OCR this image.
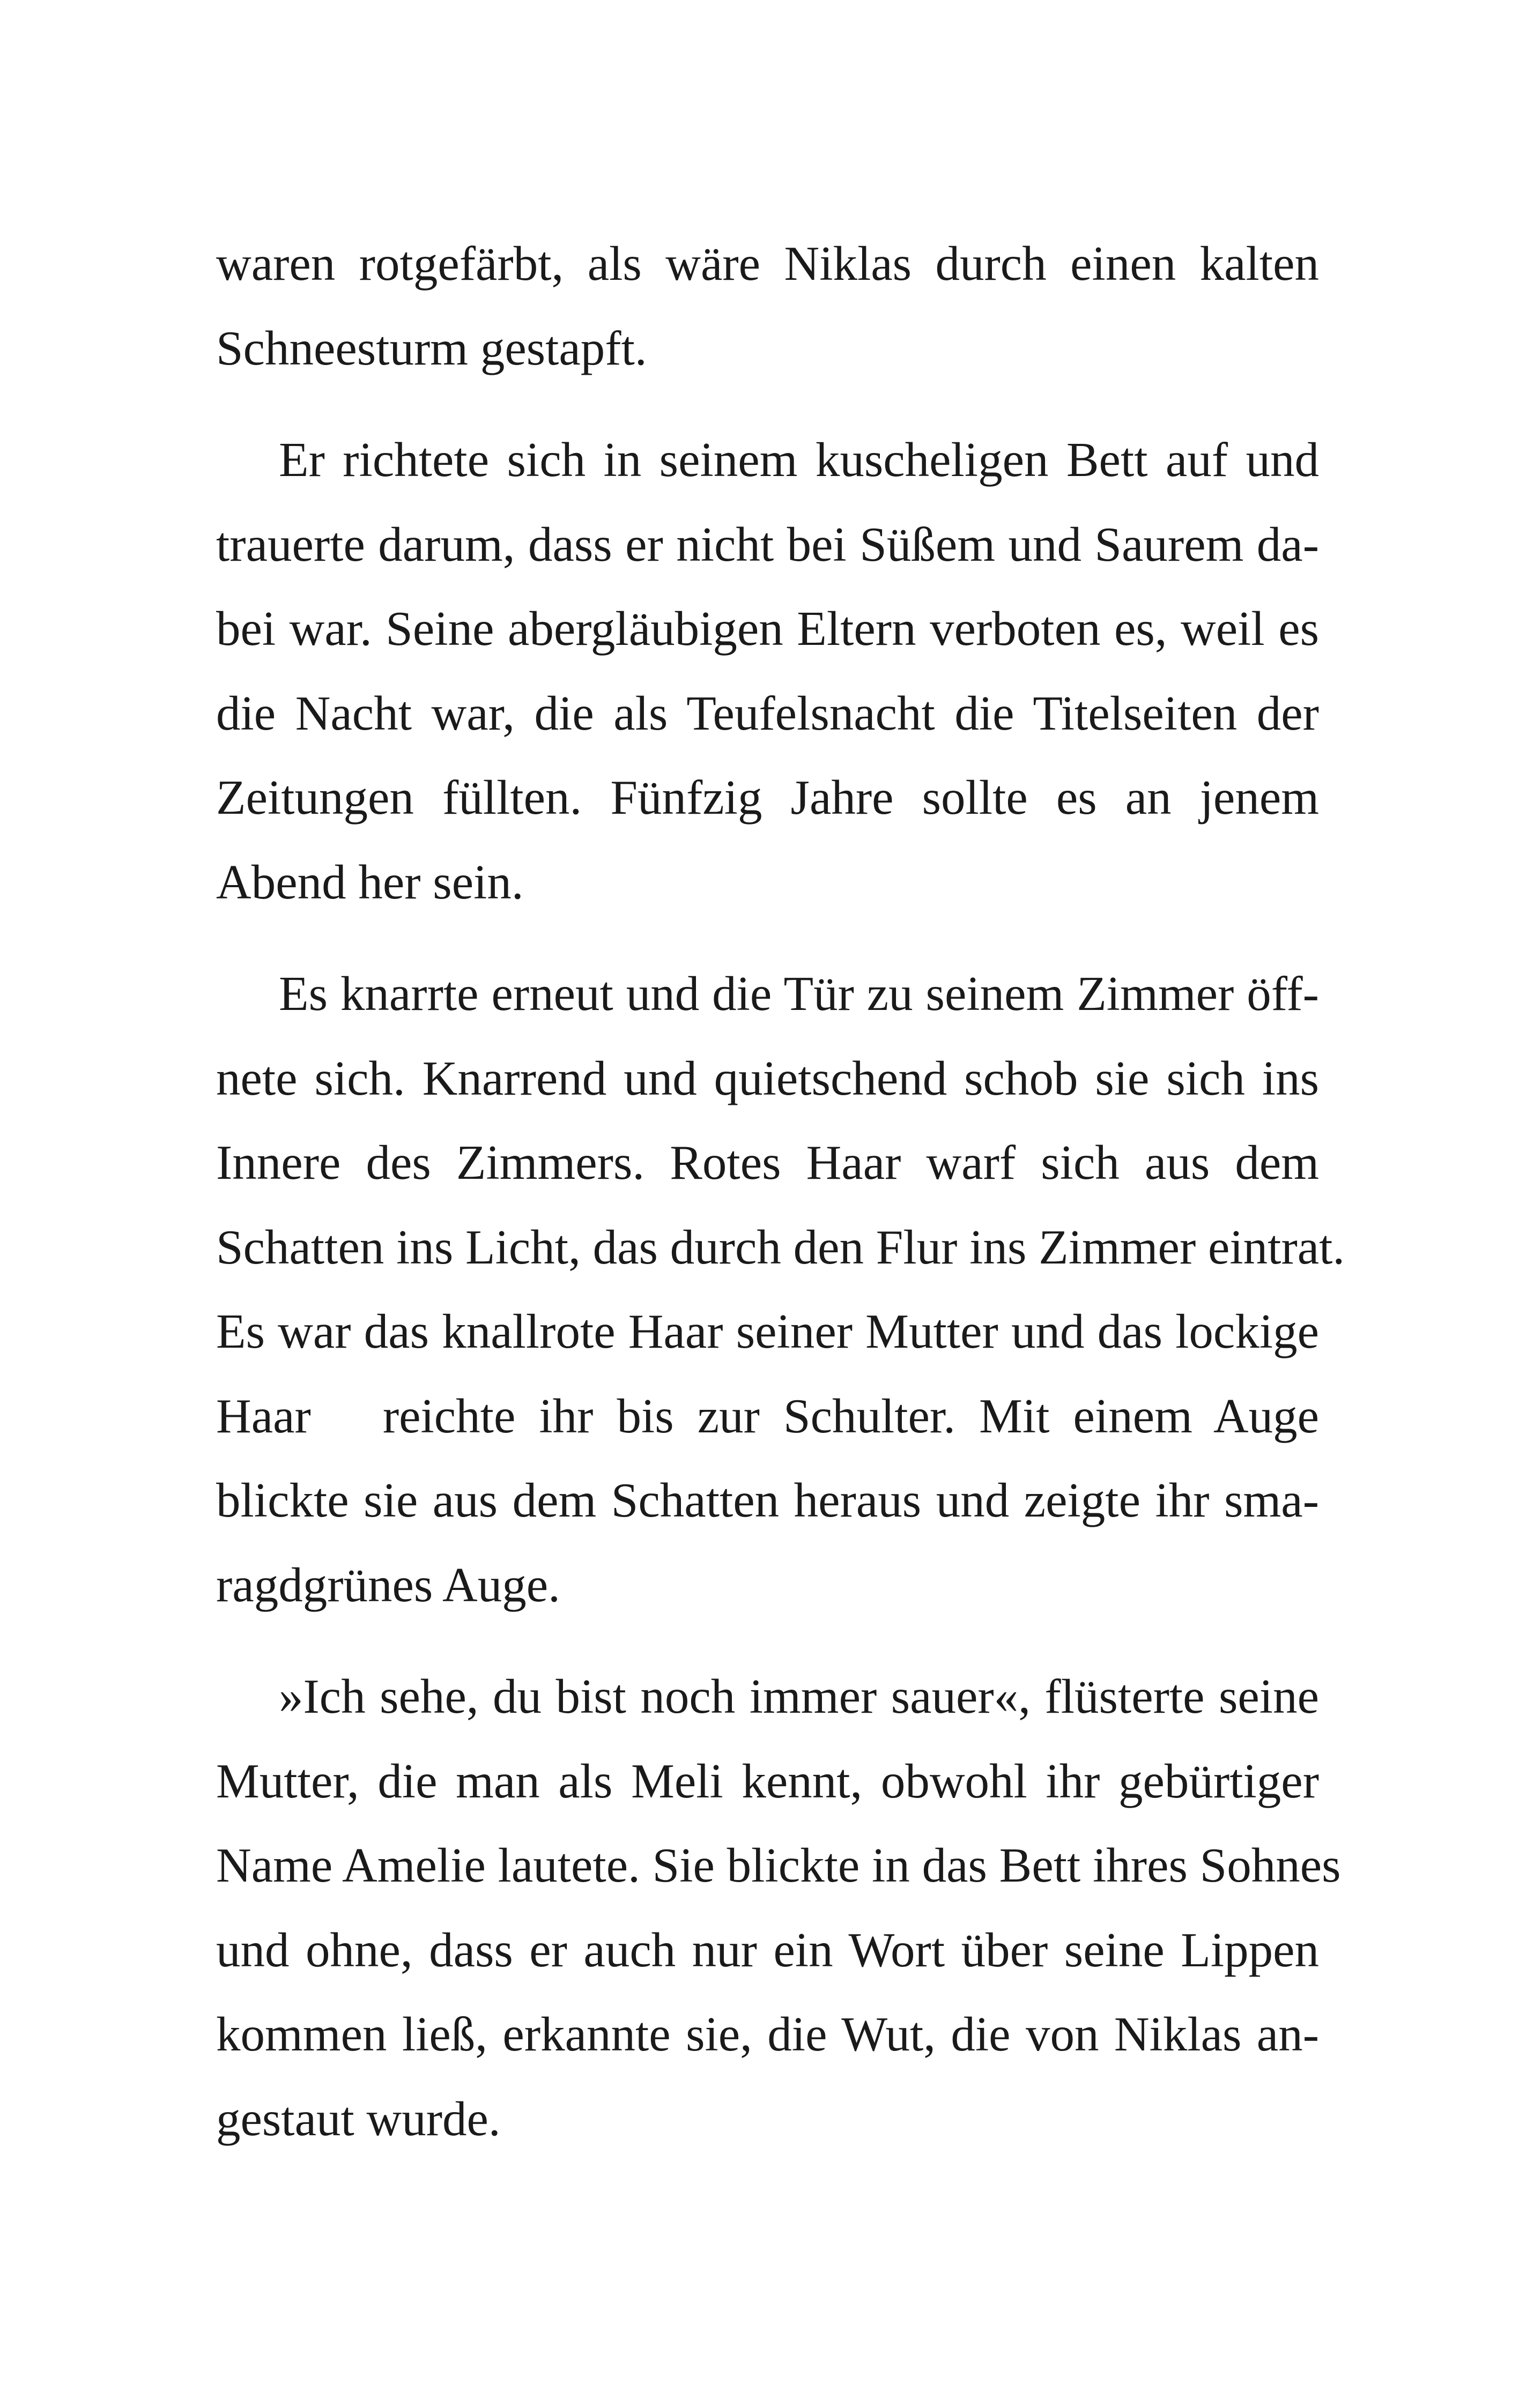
waren rotgefärbt, als wäre Niklas durch einen kalten
Schneesturm gestapft.
Er richtete sich in seinem kuscheligen Bett auf und
trauerte darum, dass er nicht bei Süßem und Saurem da-
bei war. Seine abergläubigen Eltern verboten es, weil es
die Nacht war, die als Teufelsnacht die Titelseiten der
Zeitungen füllten. Fünfzig Jahre sollte es an jenem
Abend her sein.
Es knarrte erneut und die Tür zu seinem Zimmer öff-
nete sich. Knarrend und quietschend schob sie sich ins
Innere des Zimmers. Rotes Haar warf sich aus dem
Schatten ins Licht, das durch den Flur ins Zimmer eintrat.
Es war das knallrote Haar seiner Mutter und das lockige
Haar reichte ihr bis zur Schulter. Mit einem Auge
blickte sie aus dem Schatten heraus und zeigte ihr sma-
ragdgrünes Auge.
»Ich sehe, du bist noch immer sauer«, flüsterte seine
Mutter, die man als Meli kennt, obwohl ihr gebürtiger
Name Amelie lautete. Sie blickte in das Bett ihres Sohnes
und ohne, dass er auch nur ein Wort über seine Lippen
kommen ließ, erkannte sie, die Wut, die von Niklas an-
gestaut wurde.
